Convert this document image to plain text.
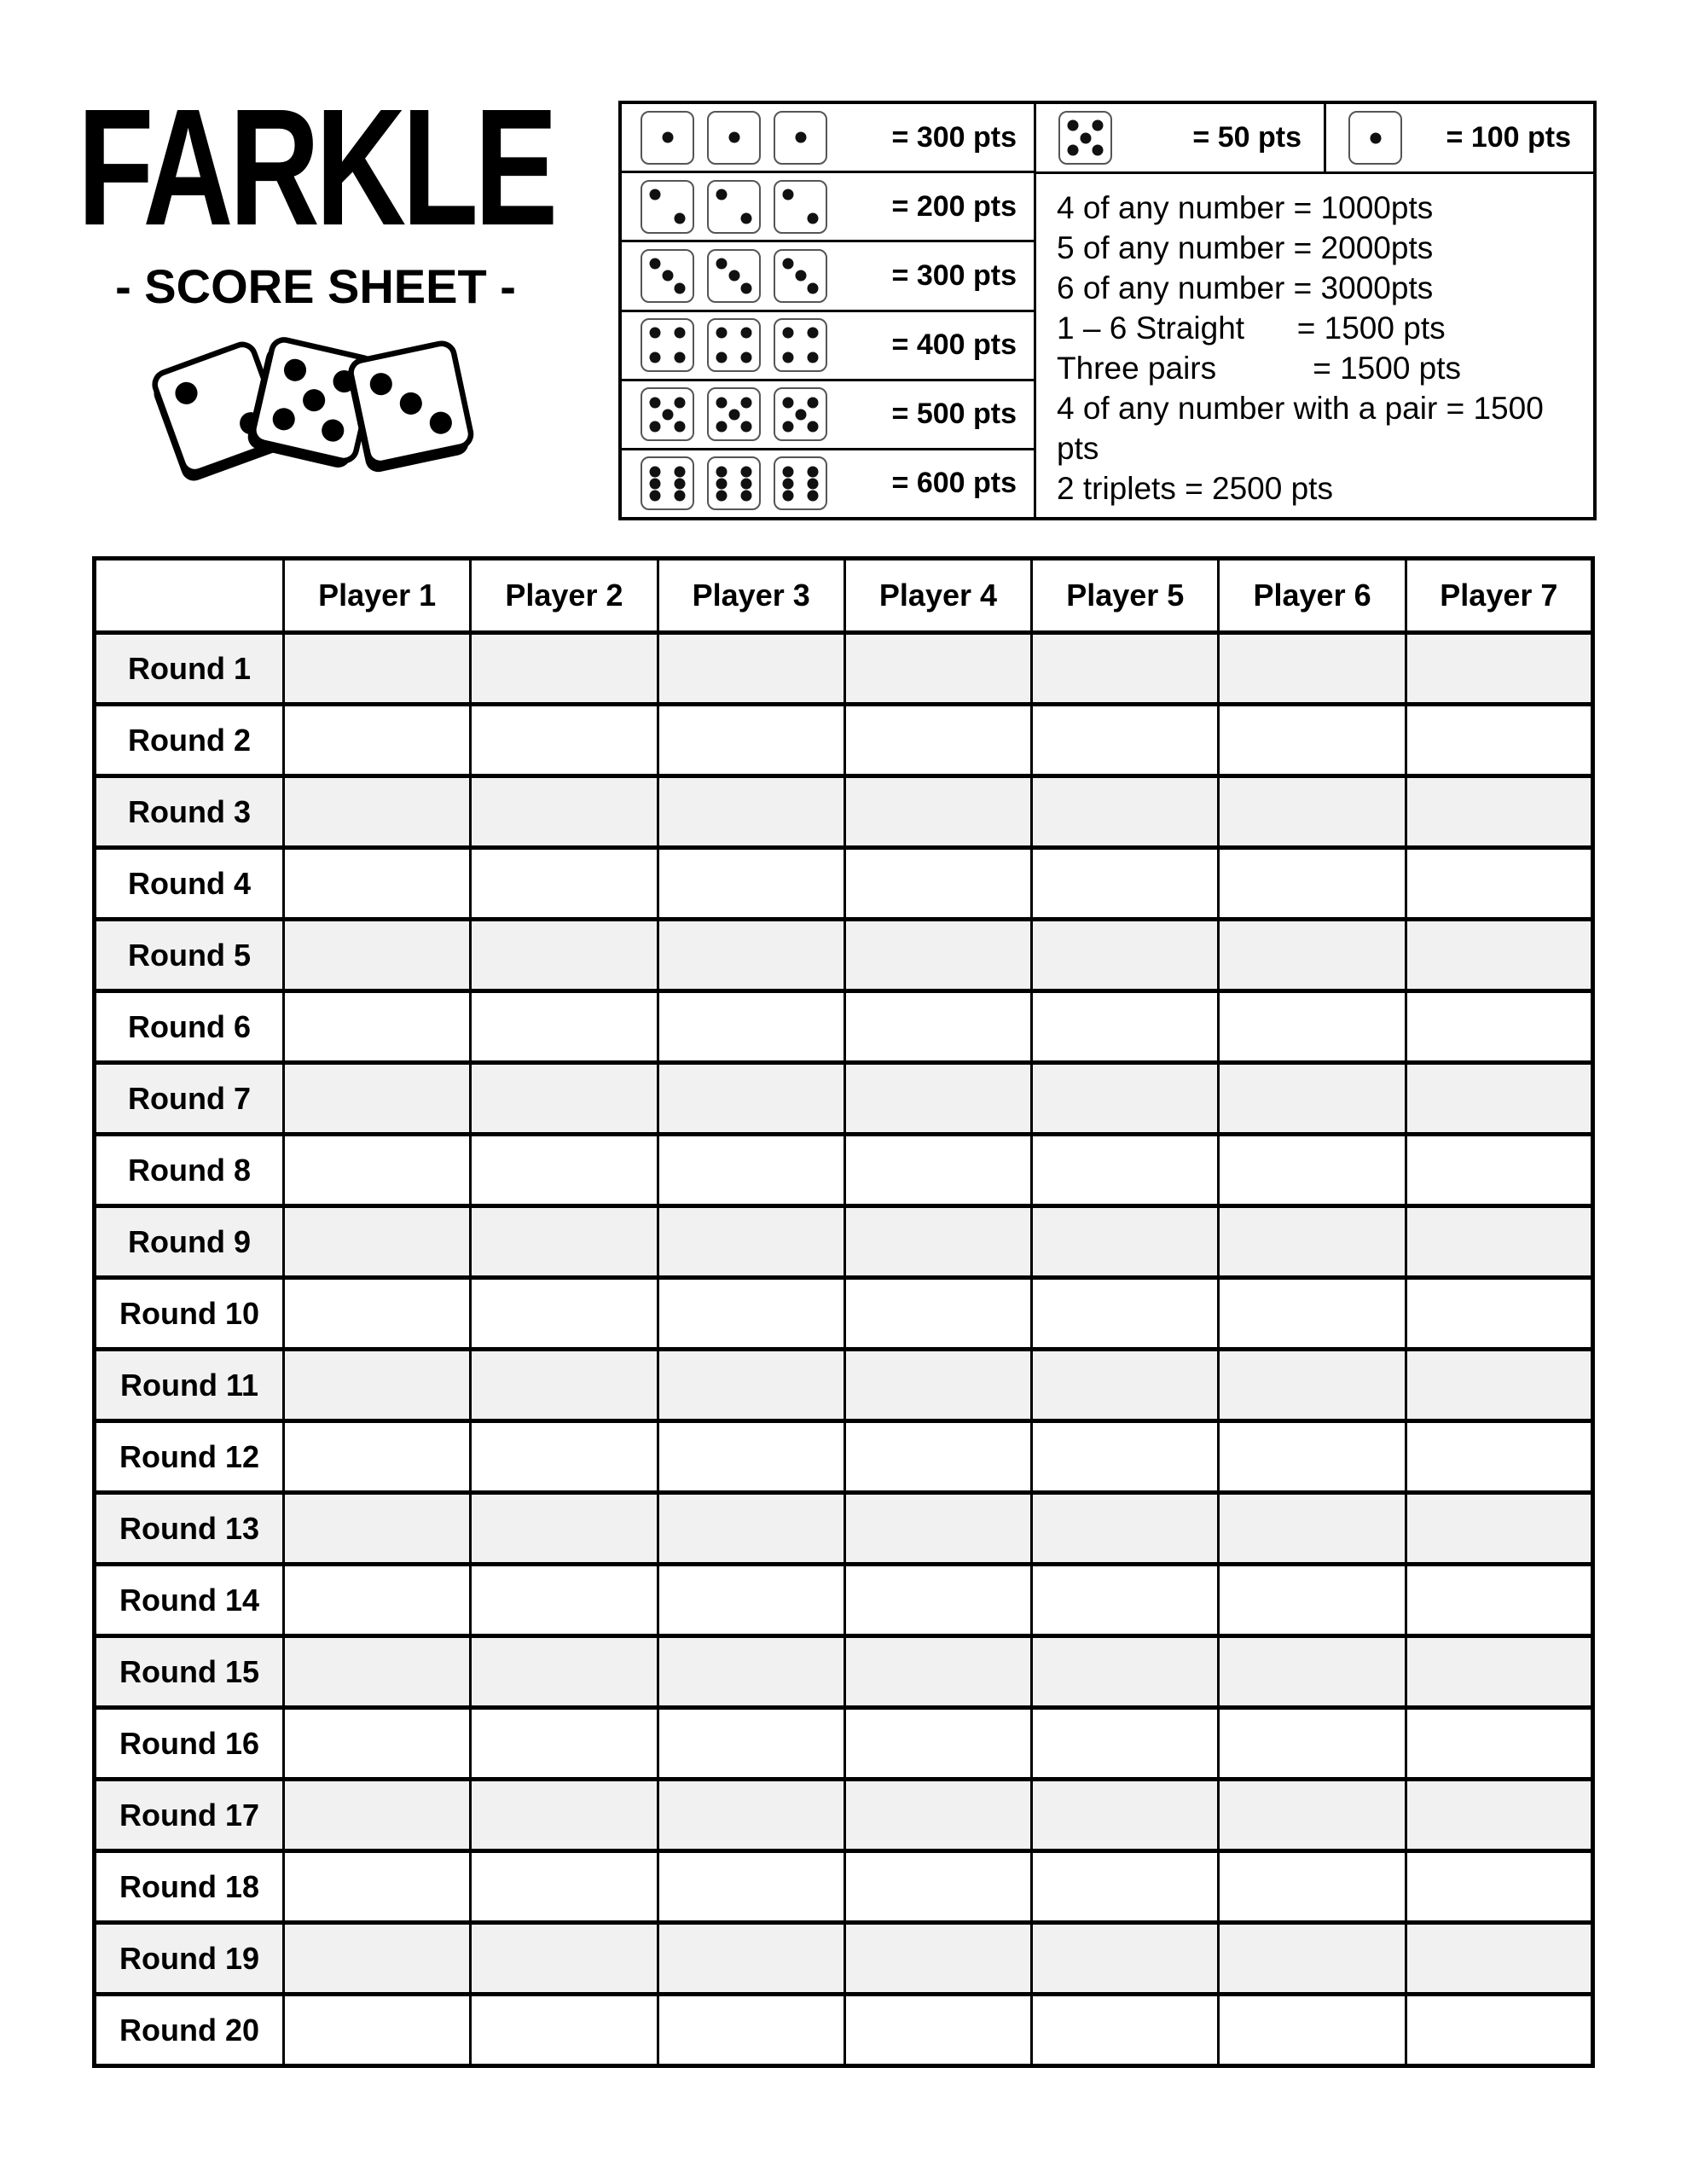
FARKLE
- SCORE SHEET -
= 300 pts
= 200 pts
= 300 pts
= 400 pts
= 500 pts
= 600 pts
= 50 pts	= 100 pts
4 of any number = 1000pts
5 of any number = 2000pts
6 of any number = 3000pts
1 – 6 Straight      = 1500 pts
Three pairs           = 1500 pts
4 of any number with a pair = 1500 pts
2 triplets = 2500 pts
	Player 1	Player 2	Player 3	Player 4	Player 5	Player 6	Player 7
Round 1							
Round 2							
Round 3							
Round 4							
Round 5							
Round 6							
Round 7							
Round 8							
Round 9							
Round 10							
Round 11							
Round 12							
Round 13							
Round 14							
Round 15							
Round 16							
Round 17							
Round 18							
Round 19							
Round 20							
